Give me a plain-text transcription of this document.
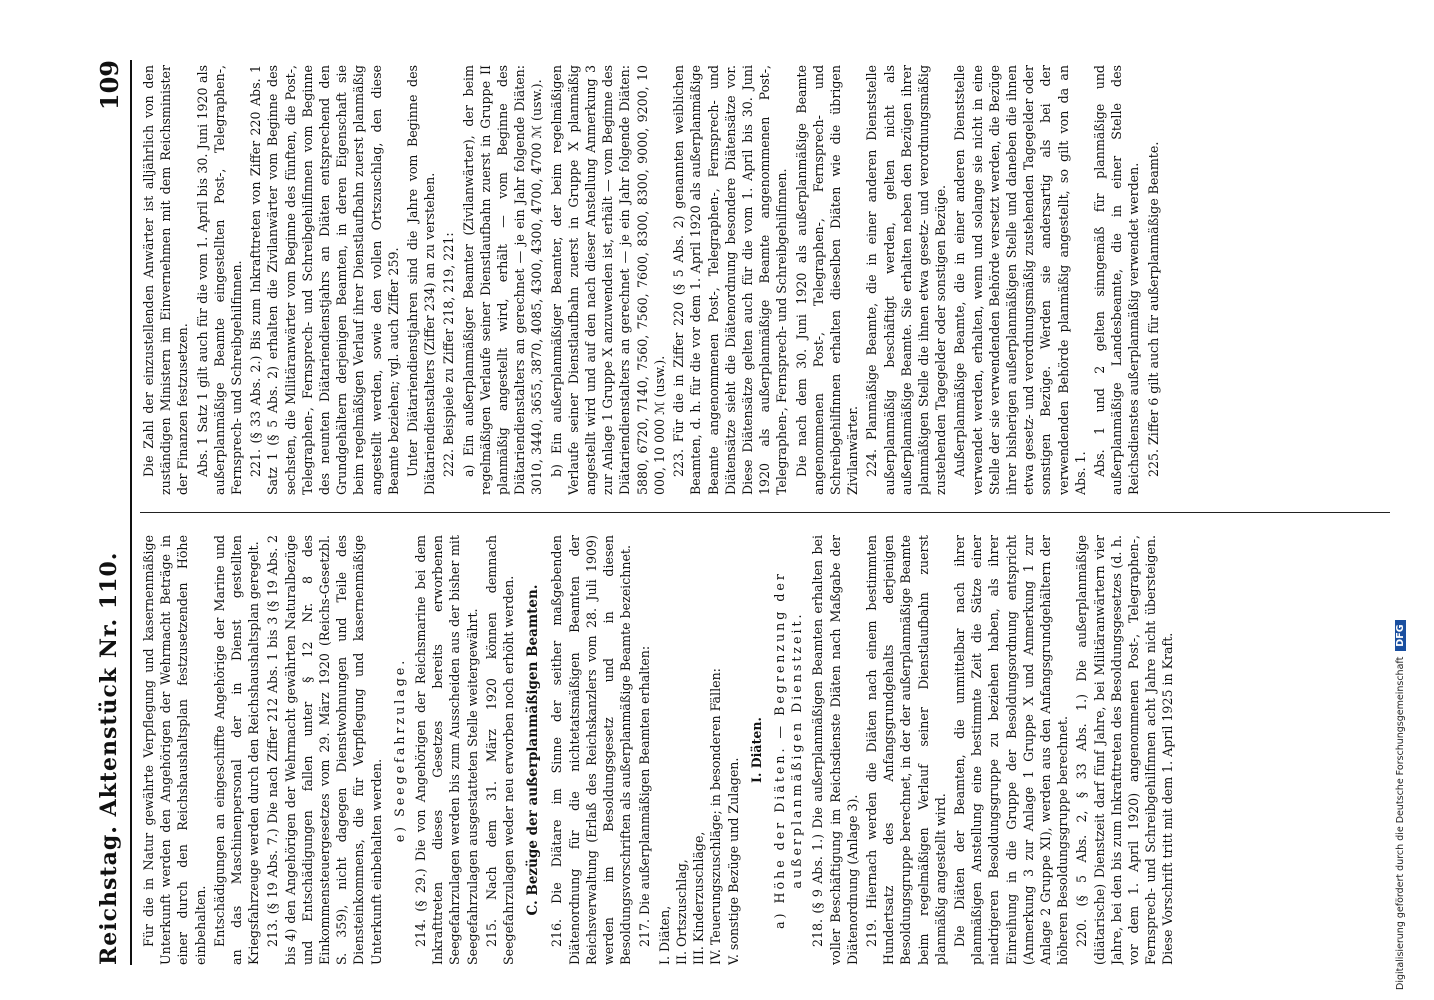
Reichstag. Aktenstück Nr. 110.
109

Für die in Natur gewährte Verpflegung und kasernenmäßige Unterkunft werden den Angehörigen der Wehrmacht Beträge in einer durch den Reichshaushaltsplan festzusetzenden Höhe einbehalten. Entschädigungen an eingeschiffte Angehörige der Marine und an das Maschinenpersonal der in Dienst gestellten Kriegsfahrzeuge werden durch den Reichshaushaltsplan geregelt. 213. (§ 19 Abs. 7.) Die nach Ziffer 212 Abs. 1 bis 3 (§ 19 Abs. 2 bis 4) den Angehörigen der Wehrmacht gewährten Naturalbezüge und Entschädigungen fallen unter § 12 Nr. 8 des Einkommensteuergesetzes vom 29. März 1920 (Reichs-Gesetzbl. S. 359), nicht dagegen Dienstwohnungen und Teile des Diensteinkommens, die für Verpflegung und kasernenmäßige Unterkunft einbehalten werden.

e) Seegefahrzulage. 214. (§ 29.) Die von Angehörigen der Reichsmarine bei dem Inkrafttreten dieses Gesetzes bereits erworbenen Seegefahrzulagen werden bis zum Ausscheiden aus der bisher mit Seegefahrzulagen ausgestatteten Stelle weitergewährt. 215. Nach dem 31. März 1920 können demnach Seegefahrzulagen weder neu erworben noch erhöht werden. C. Bezüge der außerplanmäßigen Beamten. 216. Die Diätare im Sinne der seither maßgebenden Diätenordnung für die nichtetatsmäßigen Beamten der Reichsverwaltung (Erlaß des Reichskanzlers vom 28. Juli 1909) werden im Besoldungsgesetz und in diesen Besoldungsvorschriften als außerplanmäßige Beamte bezeichnet. 217. Die außerplanmäßigen Beamten erhalten: I. Diäten, II. Ortszuschlag, III. Kinderzuschläge, IV. Teuerungszuschläge; in besonderen Fällen: V. sonstige Bezüge und Zulagen.

I. Diäten. a) Höhe der Diäten. — Begrenzung der außerplanmäßigen Dienstzeit. 218. (§ 9 Abs. 1.) Die außerplanmäßigen Beamten erhalten bei voller Beschäftigung im Reichsdienste Diäten nach Maßgabe der Diätenordnung (Anlage 3). 219. Hiernach werden die Diäten nach einem bestimmten Hundertsatz des Anfangsgrundgehalts derjenigen Besoldungsgruppe berechnet, in der der außerplanmäßige Beamte beim regelmäßigen Verlauf seiner Dienstlaufbahn zuerst planmäßig angestellt wird. Die Diäten der Beamten, die unmittelbar nach ihrer planmäßigen Anstellung eine bestimmte Zeit die Sätze einer niedrigeren Besoldungsgruppe zu beziehen haben, als ihrer Einreihung in die Gruppe der Besoldungsordnung entspricht (Anmerkung 3 zur Anlage 1 Gruppe X und Anmerkung 1 zur Anlage 2 Gruppe XI), werden aus den Anfangsgrundgehältern der höheren Besoldungsgruppe berechnet. 220. (§ 5 Abs. 2, § 33 Abs. 1.) Die außerplanmäßige (diätarische) Dienstzeit darf fünf Jahre, bei Militäranwärtern vier Jahre, bei den bis zum Inkrafttreten des Besoldungsgesetzes (d. h. vor dem 1. April 1920) angenommenen Post-, Telegraphen-, Fernsprech- und Schreibgehilfinnen acht Jahre nicht übersteigen. Diese Vorschrift tritt mit dem 1. April 1925 in Kraft.

Die Zahl der einzustellenden Anwärter ist alljährlich von den zuständigen Ministern im Einvernehmen mit dem Reichsminister der Finanzen festzusetzen. Abs. 1 Satz 1 gilt auch für die vom 1. April bis 30. Juni 1920 als außerplanmäßige Beamte eingestellten Post-, Telegraphen-, Fernsprech- und Schreibgehilfinnen. 221. (§ 33 Abs. 2.) Bis zum Inkrafttreten von Ziffer 220 Abs. 1 Satz 1 (§ 5 Abs. 2) erhalten die Zivilanwärter vom Beginne des sechsten, die Militäranwärter vom Beginne des fünften, die Post-, Telegraphen-, Fernsprech- und Schreibgehilfinnen vom Beginne des neunten Diätariendienstjahrs an Diäten entsprechend den Grundgehältern derjenigen Beamten, in deren Eigenschaft sie beim regelmäßigen Verlauf ihrer Dienstlaufbahn zuerst planmäßig angestellt werden, sowie den vollen Ortszuschlag, den diese Beamte beziehen; vgl. auch Ziffer 259. Unter Diätariendienstjahren sind die Jahre vom Beginne des Diätariendienstalters (Ziffer 234) an zu verstehen. 222. Beispiele zu Ziffer 218, 219, 221: a) Ein außerplanmäßiger Beamter (Zivilanwärter), der beim regelmäßigen Verlaufe seiner Dienstlaufbahn zuerst in Gruppe II planmäßig angestellt wird, erhält — vom Beginne des Diätariendienstalters an gerechnet — je ein Jahr folgende Diäten: 3010, 3440, 3655, 3870, 4085, 4300, 4300, 4700, 4700 ℳ (usw.). b) Ein außerplanmäßiger Beamter, der beim regelmäßigen Verlaufe seiner Dienstlaufbahn zuerst in Gruppe X planmäßig angestellt wird und auf den nach dieser Anstellung Anmerkung 3 zur Anlage 1 Gruppe X anzuwenden ist, erhält — vom Beginne des Diätariendienstalters an gerechnet — je ein Jahr folgende Diäten: 5880, 6720, 7140, 7560, 7560, 7600, 8300, 8300, 9000, 9200, 10 000, 10 000 ℳ (usw.). 223. Für die in Ziffer 220 (§ 5 Abs. 2) genannten weiblichen Beamten, d. h. für die vor dem 1. April 1920 als außerplanmäßige Beamte angenommenen Post-, Telegraphen-, Fernsprech- und Diätensätze sieht die Diätenordnung besondere Diätensätze vor. Diese Diätensätze gelten auch für die vom 1. April bis 30. Juni 1920 als außerplanmäßige Beamte angenommenen Post-, Telegraphen-, Fernsprech- und Schreibgehilfinnen. Die nach dem 30. Juni 1920 als außerplanmäßige Beamte angenommenen Post-, Telegraphen-, Fernsprech- und Schreibgehilfinnen erhalten dieselben Diäten wie die übrigen Zivilanwärter. 224. Planmäßige Beamte, die in einer anderen Dienststelle außerplanmäßig beschäftigt werden, gelten nicht als außerplanmäßige Beamte. Sie erhalten neben den Bezügen ihrer planmäßigen Stelle die ihnen etwa gesetz- und verordnungsmäßig zustehenden Tagegelder oder sonstigen Bezüge. Außerplanmäßige Beamte, die in einer anderen Dienststelle verwendet werden, erhalten, wenn und solange sie nicht in eine Stelle der sie verwendenden Behörde versetzt werden, die Bezüge ihrer bisherigen außerplanmäßigen Stelle und daneben die ihnen etwa gesetz- und verordnungsmäßig zustehenden Tagegelder oder sonstigen Bezüge. Werden sie andersartig als bei der verwendenden Behörde planmäßig angestellt, so gilt von da an Abs. 1. Abs. 1 und 2 gelten sinngemäß für planmäßige und außerplanmäßige Landesbeamte, die in einer Stelle des Reichsdienstes außerplanmäßig verwendet werden. 225. Ziffer 6 gilt auch für außerplanmäßige Beamte.

Digitalisierung gefördert durch die Deutsche ForschungsgemeinschaftDFG
